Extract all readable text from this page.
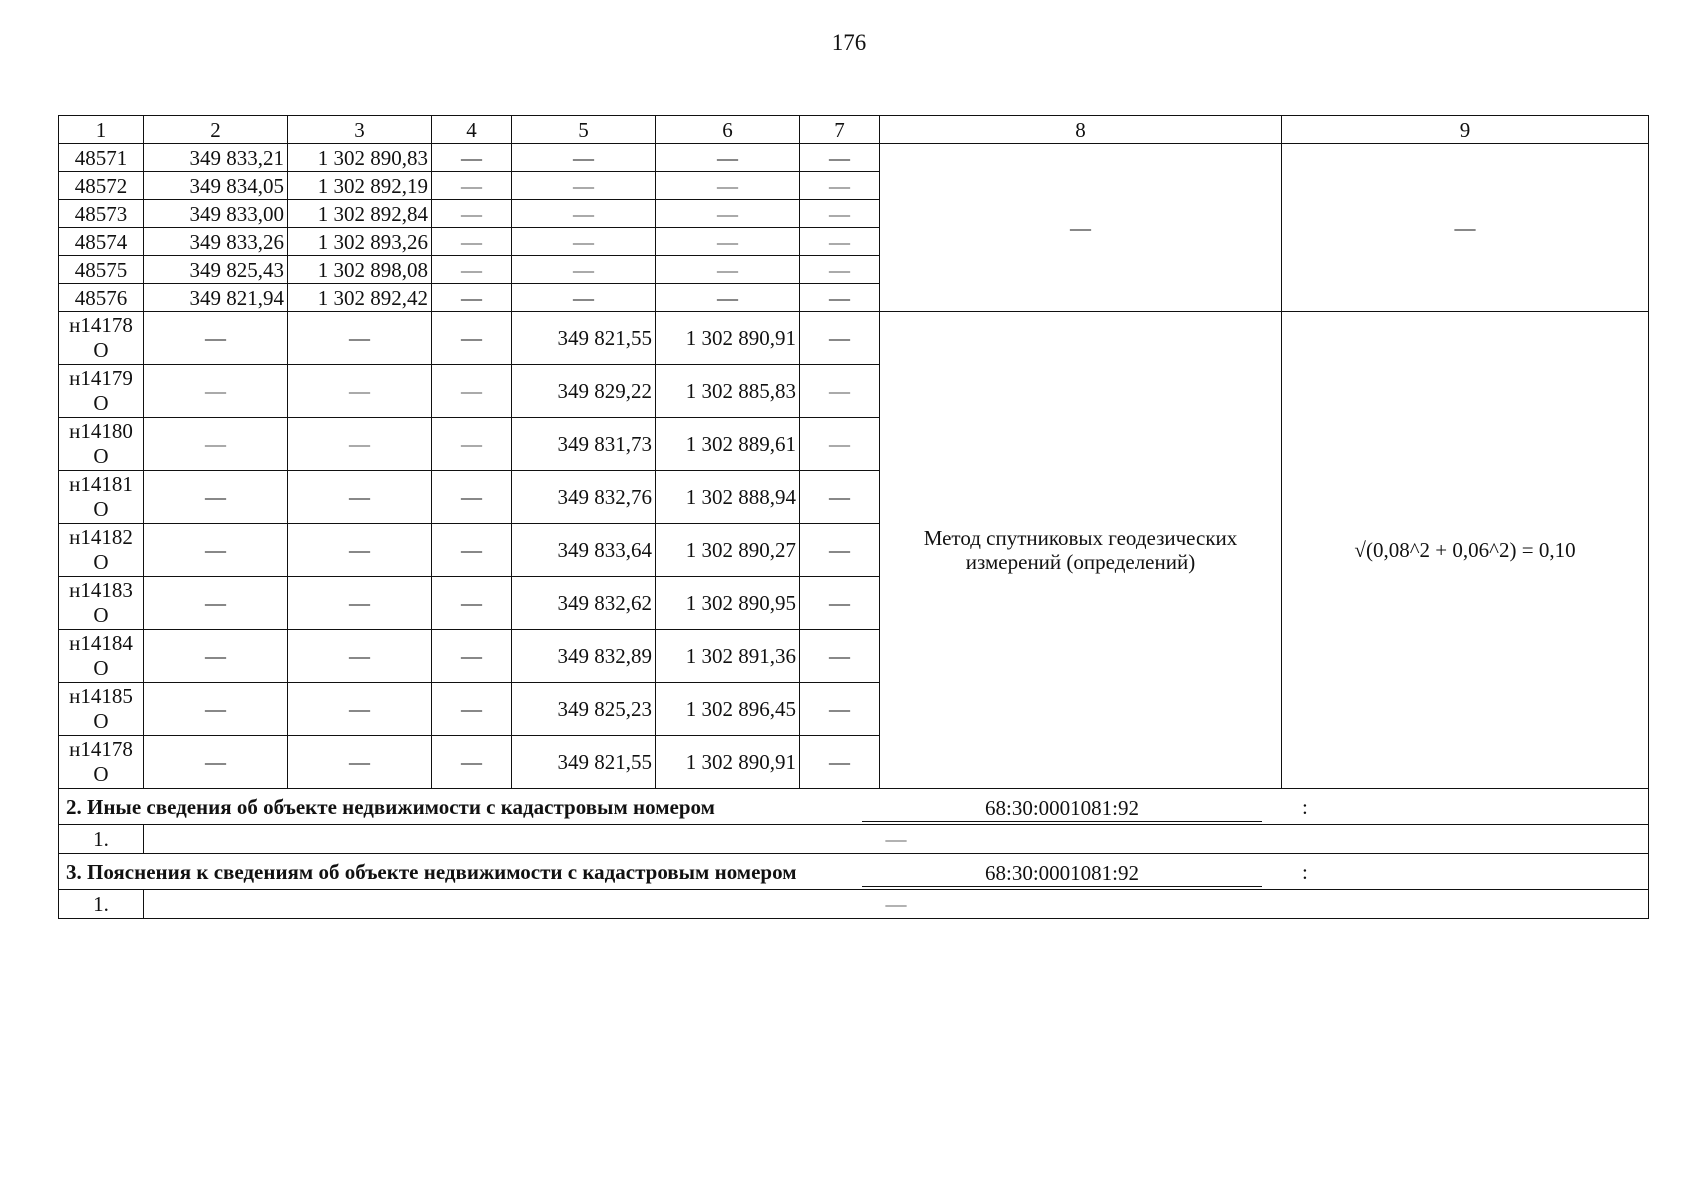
176
1	2	3	4	5	6	7	8	9
48571	349 833,21	1 302 890,83	—	—	—	—	—	—
48572	349 834,05	1 302 892,19	—	—	—	—		
48573	349 833,00	1 302 892,84	—	—	—	—		
48574	349 833,26	1 302 893,26	—	—	—	—		
48575	349 825,43	1 302 898,08	—	—	—	—		
48576	349 821,94	1 302 892,42	—	—	—	—		
н14178
О	—	—	—	349 821,55	1 302 890,91	—	Метод спутниковых геодезических измерений (определений)	√(0,08^2 + 0,06^2) = 0,10
н14179
О	—	—	—	349 829,22	1 302 885,83	—		
н14180
О	—	—	—	349 831,73	1 302 889,61	—		
н14181
О	—	—	—	349 832,76	1 302 888,94	—		
н14182
О	—	—	—	349 833,64	1 302 890,27	—		
н14183
О	—	—	—	349 832,62	1 302 890,95	—		
н14184
О	—	—	—	349 832,89	1 302 891,36	—		
н14185
О	—	—	—	349 825,23	1 302 896,45	—		
н14178
О	—	—	—	349 821,55	1 302 890,91	—		

2. Иные сведения об объекте недвижимости с кадастровым номером 68:30:0001081:92 :								

1.	—							

3. Пояснения к сведениям об объекте недвижимости с кадастровым номером 68:30:0001081:92 :								

1.	—							
